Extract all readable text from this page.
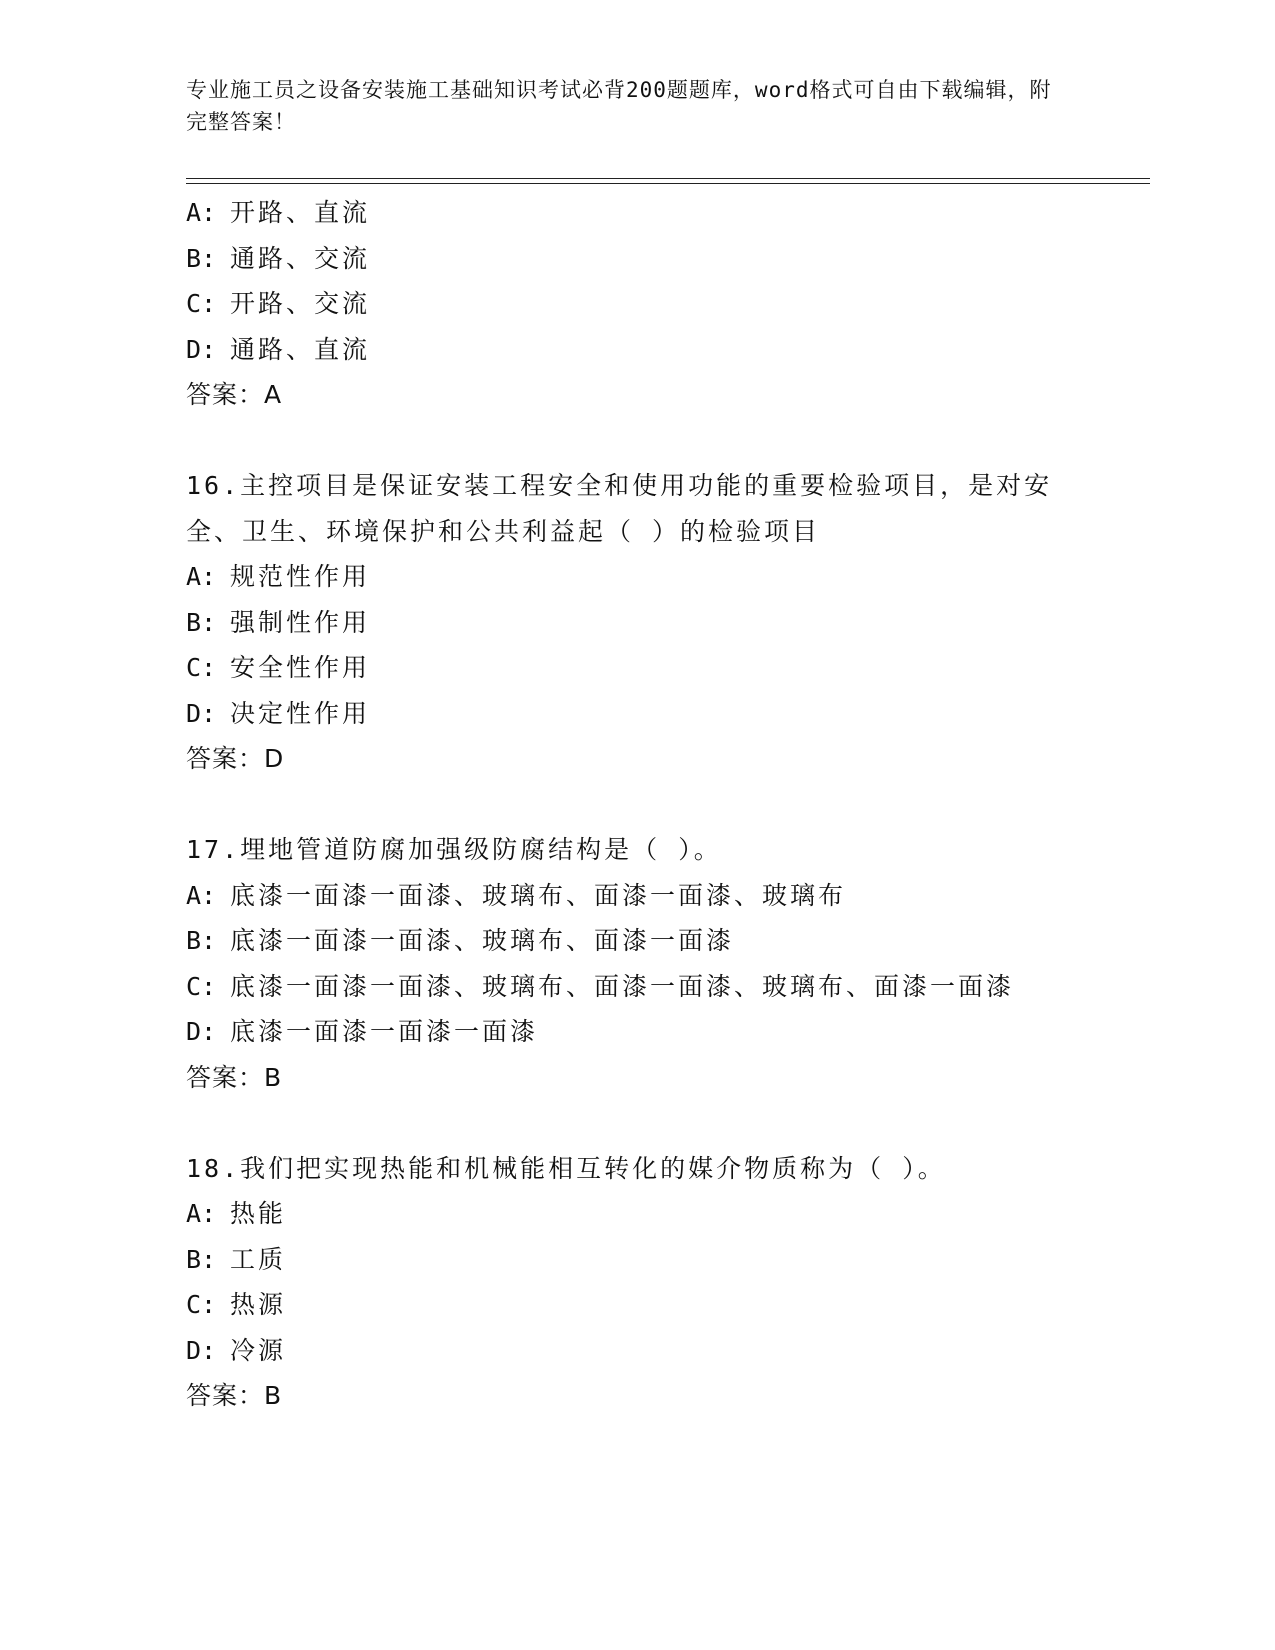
专业施工员之设备安装施工基础知识考试必背200题题库，word格式可自由下载编辑，附完整答案！
A: 开路、直流
B: 通路、交流
C: 开路、交流
D: 通路、直流
答案：A
16.主控项目是保证安装工程安全和使用功能的重要检验项目，是对安
全、卫生、环境保护和公共利益起（ ）的检验项目
A: 规范性作用
B: 强制性作用
C: 安全性作用
D: 决定性作用
答案：D
17.埋地管道防腐加强级防腐结构是（ ）。
A: 底漆一面漆一面漆、玻璃布、面漆一面漆、玻璃布
B: 底漆一面漆一面漆、玻璃布、面漆一面漆
C: 底漆一面漆一面漆、玻璃布、面漆一面漆、玻璃布、面漆一面漆
D: 底漆一面漆一面漆一面漆
答案：B
18.我们把实现热能和机械能相互转化的媒介物质称为（ ）。
A: 热能
B: 工质
C: 热源
D: 冷源
答案：B
